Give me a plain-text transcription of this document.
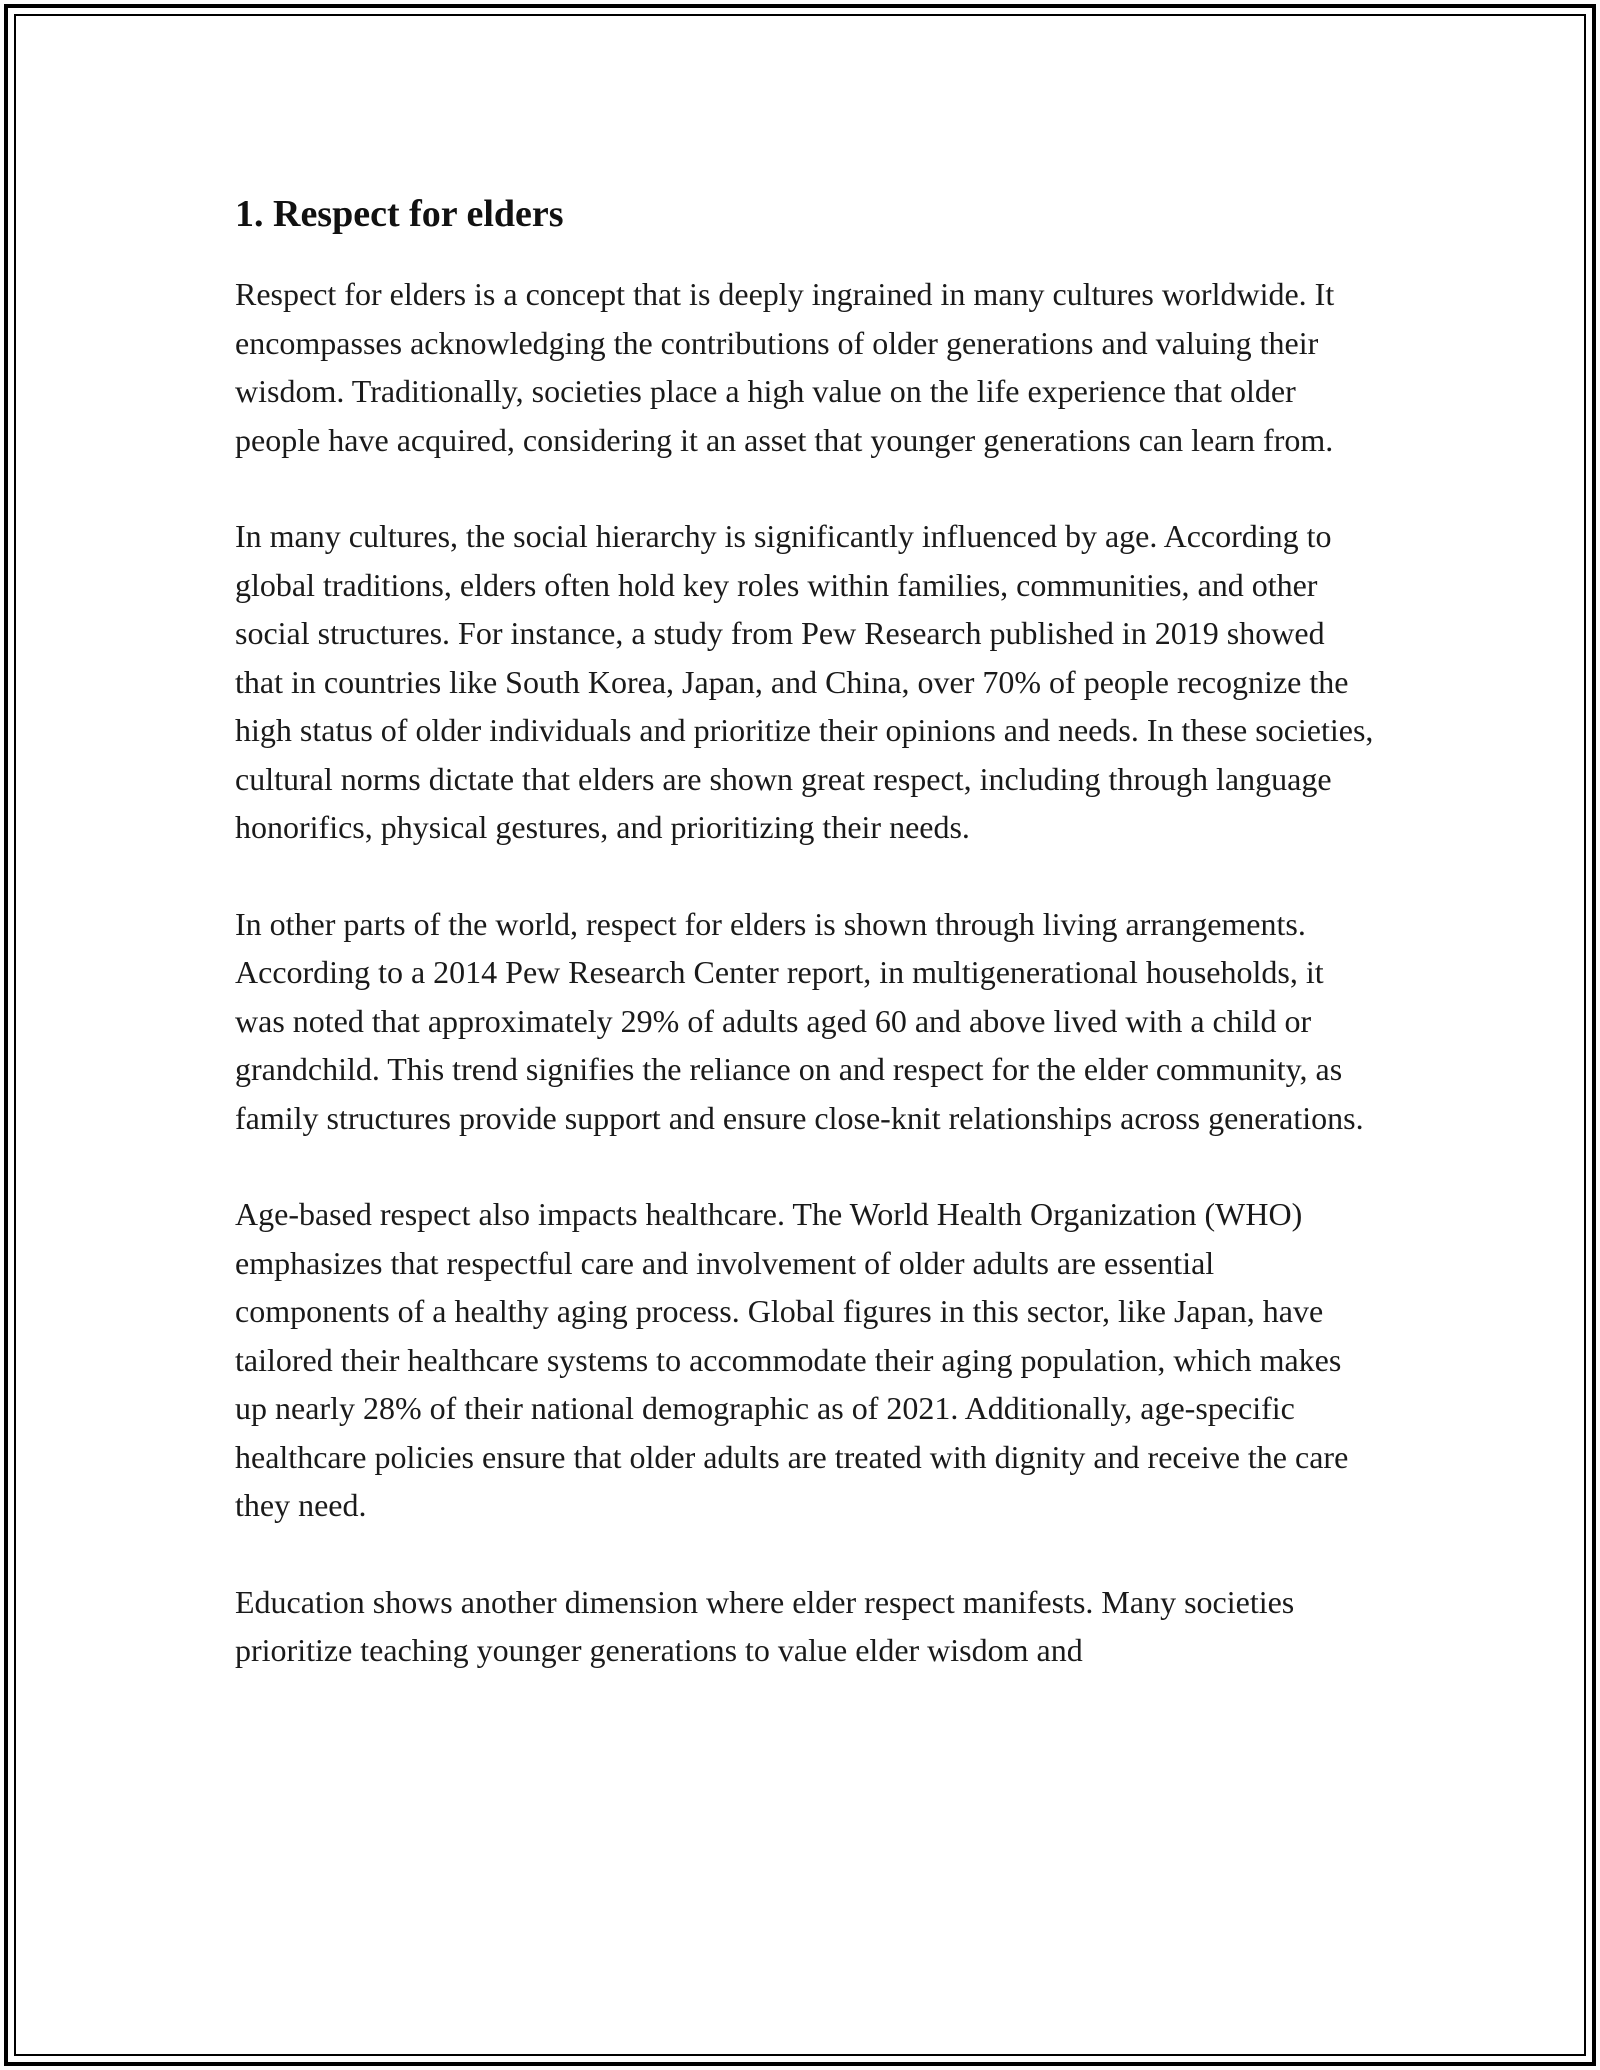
1. Respect for elders

Respect for elders is a concept that is deeply ingrained in many cultures worldwide. It encompasses acknowledging the contributions of older generations and valuing their wisdom. Traditionally, societies place a high value on the life experience that older people have acquired, considering it an asset that younger generations can learn from.

In many cultures, the social hierarchy is significantly influenced by age. According to global traditions, elders often hold key roles within families, communities, and other social structures. For instance, a study from Pew Research published in 2019 showed that in countries like South Korea, Japan, and China, over 70% of people recognize the high status of older individuals and prioritize their opinions and needs. In these societies, cultural norms dictate that elders are shown great respect, including through language honorifics, physical gestures, and prioritizing their needs.

In other parts of the world, respect for elders is shown through living arrangements. According to a 2014 Pew Research Center report, in multigenerational households, it was noted that approximately 29% of adults aged 60 and above lived with a child or grandchild. This trend signifies the reliance on and respect for the elder community, as family structures provide support and ensure close-knit relationships across generations.

Age-based respect also impacts healthcare. The World Health Organization (WHO) emphasizes that respectful care and involvement of older adults are essential components of a healthy aging process. Global figures in this sector, like Japan, have tailored their healthcare systems to accommodate their aging population, which makes up nearly 28% of their national demographic as of 2021. Additionally, age-specific healthcare policies ensure that older adults are treated with dignity and receive the care they need.

Education shows another dimension where elder respect manifests. Many societies prioritize teaching younger generations to value elder wisdom and
